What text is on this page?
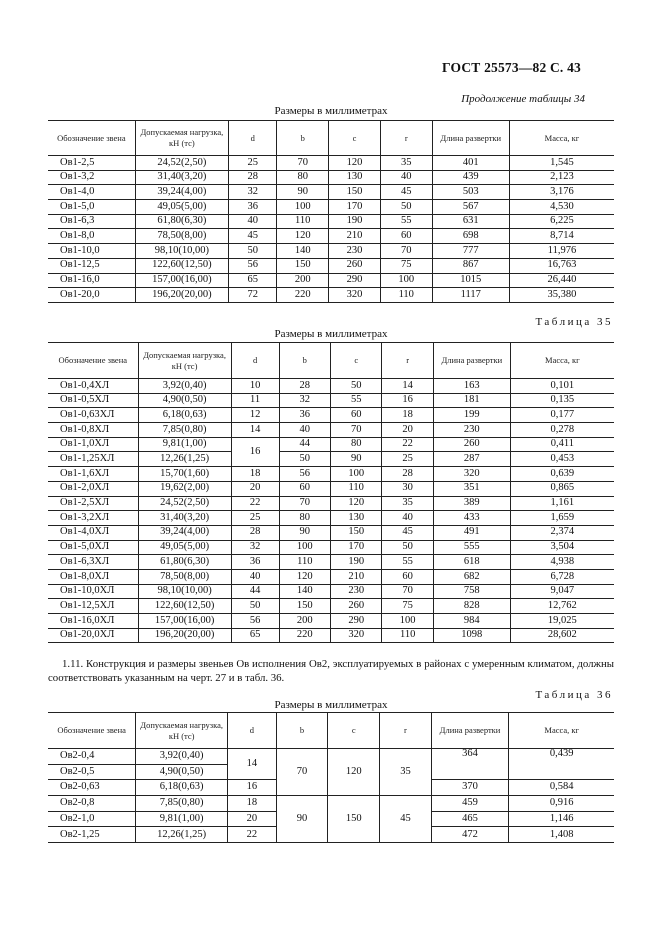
ГОСТ 25573—82 С. 43
Продолжение таблицы 34
Размеры в миллиметрах
Обозначение звена	Допускаемая нагрузка, кН (тс)	d	b	c	r	Длина развертки	Масса, кг
Ов1-2,5	24,52(2,50)	25	70	120	35	401	1,545
Ов1-3,2	31,40(3,20)	28	80	130	40	439	2,123
Ов1-4,0	39,24(4,00)	32	90	150	45	503	3,176
Ов1-5,0	49,05(5,00)	36	100	170	50	567	4,530
Ов1-6,3	61,80(6,30)	40	110	190	55	631	6,225
Ов1-8,0	78,50(8,00)	45	120	210	60	698	8,714
Ов1-10,0	98,10(10,00)	50	140	230	70	777	11,976
Ов1-12,5	122,60(12,50)	56	150	260	75	867	16,763
Ов1-16,0	157,00(16,00)	65	200	290	100	1015	26,440
Ов1-20,0	196,20(20,00)	72	220	320	110	1117	35,380
Таблица 35
Размеры в миллиметрах
Обозначение звена	Допускаемая нагрузка, кН (тс)	d	b	c	r	Длина развертки	Масса, кг
Ов1-0,4ХЛ	3,92(0,40)	10	28	50	14	163	0,101
Ов1-0,5ХЛ	4,90(0,50)	11	32	55	16	181	0,135
Ов1-0,63ХЛ	6,18(0,63)	12	36	60	18	199	0,177
Ов1-0,8ХЛ	7,85(0,80)	14	40	70	20	230	0,278
Ов1-1,0ХЛ	9,81(1,00)	16	44	80	22	260	0,411
Ов1-1,25ХЛ	12,26(1,25)		50	90	25	287	0,453
Ов1-1,6ХЛ	15,70(1,60)	18	56	100	28	320	0,639
Ов1-2,0ХЛ	19,62(2,00)	20	60	110	30	351	0,865
Ов1-2,5ХЛ	24,52(2,50)	22	70	120	35	389	1,161
Ов1-3,2ХЛ	31,40(3,20)	25	80	130	40	433	1,659
Ов1-4,0ХЛ	39,24(4,00)	28	90	150	45	491	2,374
Ов1-5,0ХЛ	49,05(5,00)	32	100	170	50	555	3,504
Ов1-6,3ХЛ	61,80(6,30)	36	110	190	55	618	4,938
Ов1-8,0ХЛ	78,50(8,00)	40	120	210	60	682	6,728
Ов1-10,0ХЛ	98,10(10,00)	44	140	230	70	758	9,047
Ов1-12,5ХЛ	122,60(12,50)	50	150	260	75	828	12,762
Ов1-16,0ХЛ	157,00(16,00)	56	200	290	100	984	19,025
Ов1-20,0ХЛ	196,20(20,00)	65	220	320	110	1098	28,602
1.11. Конструкция и размеры звеньев Ов исполнения Ов2, эксплуатируемых в районах с умеренным климатом, должны соответствовать указанным на черт. 27 и в табл. 36.
Таблица 36
Размеры в миллиметрах
Обозначение звена	Допускаемая нагрузка, кН (тс)	d	b	c	r	Длина развертки	Масса, кг
Ов2-0,4	3,92(0,40)	14	70	120	35	364	0,439
Ов2-0,5	4,90(0,50)						
Ов2-0,63	6,18(0,63)	16				370	0,584
Ов2-0,8	7,85(0,80)	18	90	150	45	459	0,916
Ов2-1,0	9,81(1,00)	20				465	1,146
Ов2-1,25	12,26(1,25)	22				472	1,408
